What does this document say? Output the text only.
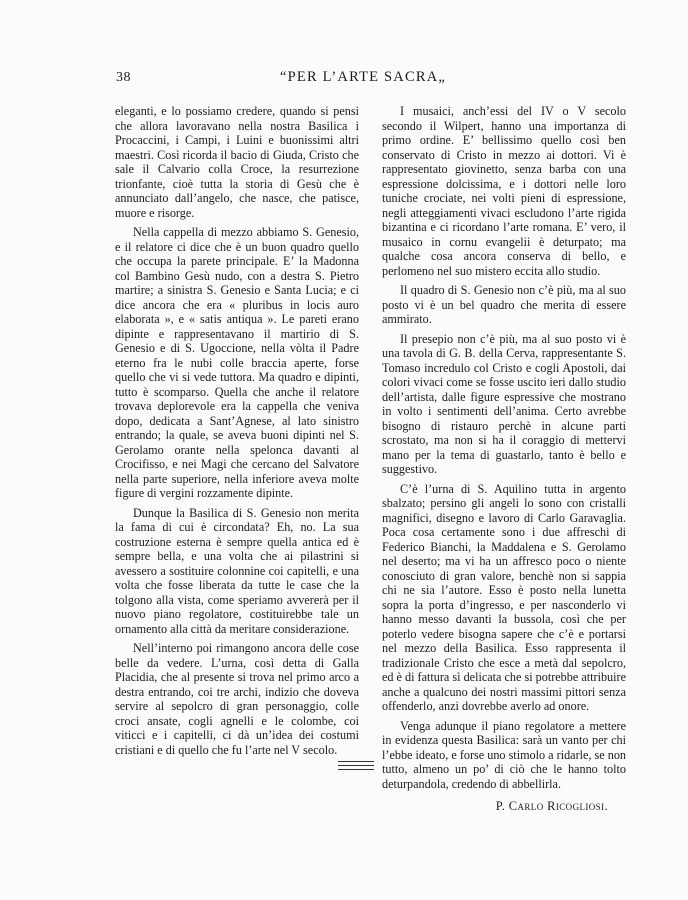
38	“PER L’ARTE SACRA„

eleganti, e lo possiamo credere, quando si pensi che allora lavoravano nella nostra Basilica i Procaccini, i Campi, i Luini e buonissimi altri maestri. Così ricorda il bacio di Giuda, Cristo che sale il Calvario colla Croce, la resurrezione trionfante, cioè tutta la storia di Gesù che è annunciato dall’angelo, che nasce, che patisce, muore e risorge.

Nella cappella di mezzo abbiamo S. Genesio, e il relatore ci dice che è un buon quadro quello che occupa la parete principale. E’ la Madonna col Bambino Gesù nudo, con a destra S. Pietro martire; a sinistra S. Genesio e Santa Lucia; e ci dice ancora che era « pluribus in locis auro elaborata », e « satis antiqua ». Le pareti erano dipinte e rappresentavano il martirio di S. Genesio e di S. Ugoccione, nella vòlta il Padre eterno fra le nubi colle braccia aperte, forse quello che vi si vede tuttora. Ma quadro e dipinti, tutto è scomparso. Quella che anche il relatore trovava deplorevole era la cappella che veniva dopo, dedicata a Sant’Agnese, al lato sinistro entrando; la quale, se aveva buoni dipinti nel S. Gerolamo orante nella spelonca davanti al Crocifisso, e nei Magi che cercano del Salvatore nella parte superiore, nella inferiore aveva molte figure di vergini rozzamente dipinte.

Dunque la Basilica di S. Genesio non merita la fama di cui è circondata? Eh, no. La sua costruzione esterna è sempre quella antica ed è sempre bella, e una volta che ai pilastrini si avessero a sostituire colonnine coi capitelli, e una volta che fosse liberata da tutte le case che la tolgono alla vista, come speriamo avvererà per il nuovo piano regolatore, costituirebbe tale un ornamento alla città da meritare considerazione.

Nell’interno poi rimangono ancora delle cose belle da vedere. L’urna, così detta di Galla Placidia, che al presente si trova nel primo arco a destra entrando, coi tre archi, indizio che doveva servire al sepolcro di gran personaggio, colle croci ansate, cogli agnelli e le colombe, coi viticci e i capitelli, ci dà un’idea dei costumi cristiani e di quello che fu l’arte nel V secolo.

I musaici, anch’essi del IV o V secolo secondo il Wilpert, hanno una importanza di primo ordine. E’ bellissimo quello così ben conservato di Cristo in mezzo ai dottori. Vi è rappresentato giovinetto, senza barba con una espressione dolcissima, e i dottori nelle loro tuniche crociate, nei volti pieni di espressione, negli atteggiamenti vivaci escludono l’arte rigida bizantina e ci ricordano l’arte romana. E’ vero, il musaico in cornu evangelii è deturpato; ma qualche cosa ancora conserva di bello, e perlomeno nel suo mistero eccita allo studio.

Il quadro di S. Genesio non c’è più, ma al suo posto vi è un bel quadro che merita di essere ammirato.

Il presepio non c’è più, ma al suo posto vi è una tavola di G. B. della Cerva, rappresentante S. Tomaso incredulo col Cristo e cogli Apostoli, dai colori vivaci come se fosse uscito ieri dallo studio dell’artista, dalle figure espressive che mostrano in volto i sentimenti dell’anima. Certo avrebbe bisogno di ristauro perchè in alcune parti scrostato, ma non si ha il coraggio di mettervi mano per la tema di guastarlo, tanto è bello e suggestivo.

C’è l’urna di S. Aquilino tutta in argento sbalzato; persino gli angeli lo sono con cristalli magnifici, disegno e lavoro di Carlo Garavaglia. Poca cosa certamente sono i due affreschi di Federico Bianchi, la Maddalena e S. Gerolamo nel deserto; ma vi ha un affresco poco o niente conosciuto di gran valore, benchè non si sappia chi ne sia l’autore. Esso è posto nella lunetta sopra la porta d’ingresso, e per nasconderlo vi hanno messo davanti la bussola, così che per poterlo vedere bisogna sapere che c’è e portarsi nel mezzo della Basilica. Esso rappresenta il tradizionale Cristo che esce a metà dal sepolcro, ed è di fattura sì delicata che si potrebbe attribuire anche a qualcuno dei nostri massimi pittori senza offenderlo, anzi dovrebbe averlo ad onore.

Venga adunque il piano regolatore a mettere in evidenza questa Basilica: sarà un vanto per chi l’ebbe ideato, e forse uno stimolo a ridarle, se non tutto, almeno un po’ di ciò che le hanno tolto deturpandola, credendo di abbellirla.

P. Carlo Ricogliosi.
